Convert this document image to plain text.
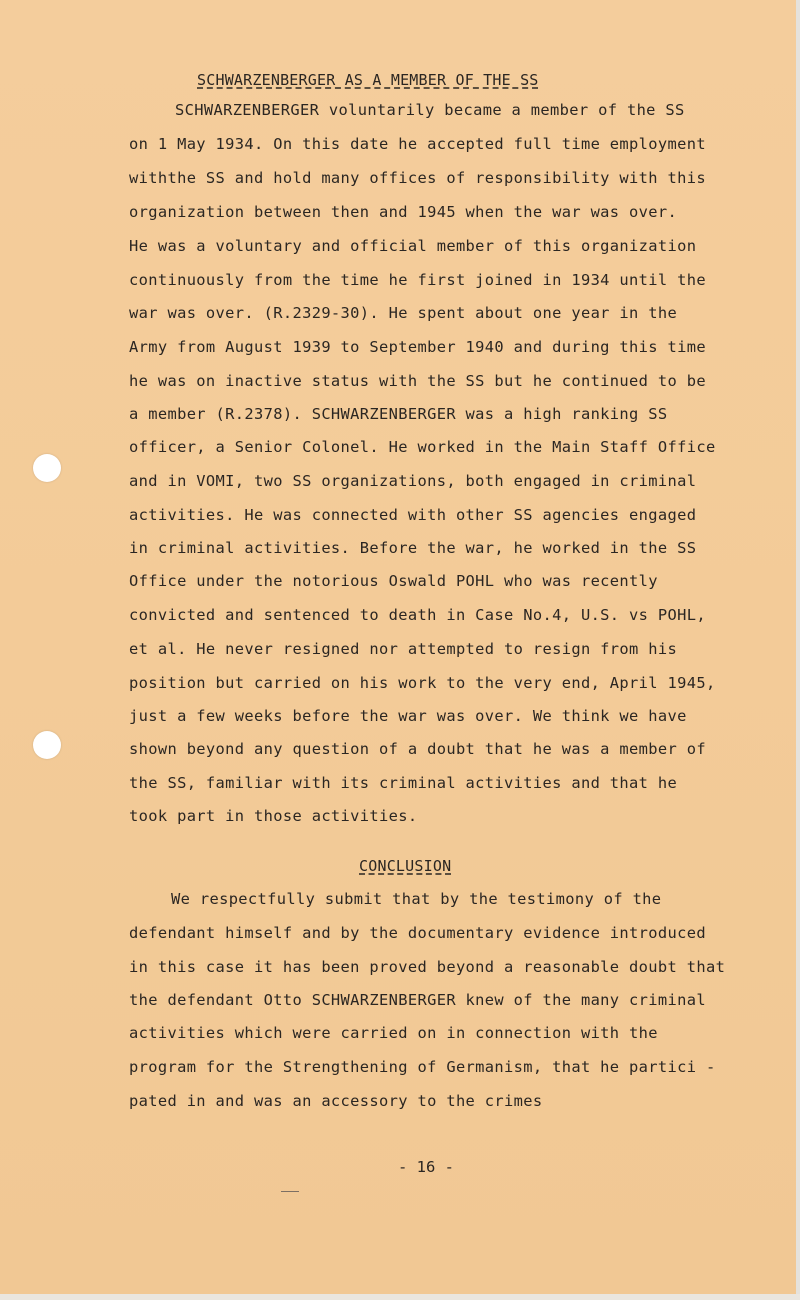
SCHWARZENBERGER AS A MEMBER OF THE SS
SCHWARZENBERGER voluntarily became a member of the SS
on 1 May 1934. On this date he accepted full time employment
withthe SS and hold many offices of responsibility with this
organization between then and 1945 when the war was over.
He was a voluntary and official member of this organization
continuously from the time he first joined in 1934 until the
war was over. (R.2329-30). He spent about one year in the
Army from August 1939 to September 1940 and during this time
he was on inactive status with the SS but he continued to be
a member (R.2378). SCHWARZENBERGER was a high ranking SS
officer, a Senior Colonel. He worked in the Main Staff Office
and in VOMI, two SS organizations, both engaged in criminal
activities. He was connected with other SS agencies engaged
in criminal activities. Before the war, he worked in the SS
Office under the notorious Oswald POHL who was recently
convicted and sentenced to death in Case No.4, U.S. vs POHL,
et al. He never resigned nor attempted to resign from his
position but carried on his work to the very end, April 1945,
just a few weeks before the war was over. We think we have
shown beyond any question of a doubt that he was a member of
the SS, familiar with its criminal activities and that he
took part in those activities.
CONCLUSION
We respectfully submit that by the testimony of the
defendant himself and by the documentary evidence introduced
in this case it has been proved beyond a reasonable doubt that
the defendant Otto SCHWARZENBERGER knew of the many criminal
activities which were carried on in connection with the
program for the Strengthening of Germanism, that he partici -
pated in and was an accessory to the crimes
- 16 -
